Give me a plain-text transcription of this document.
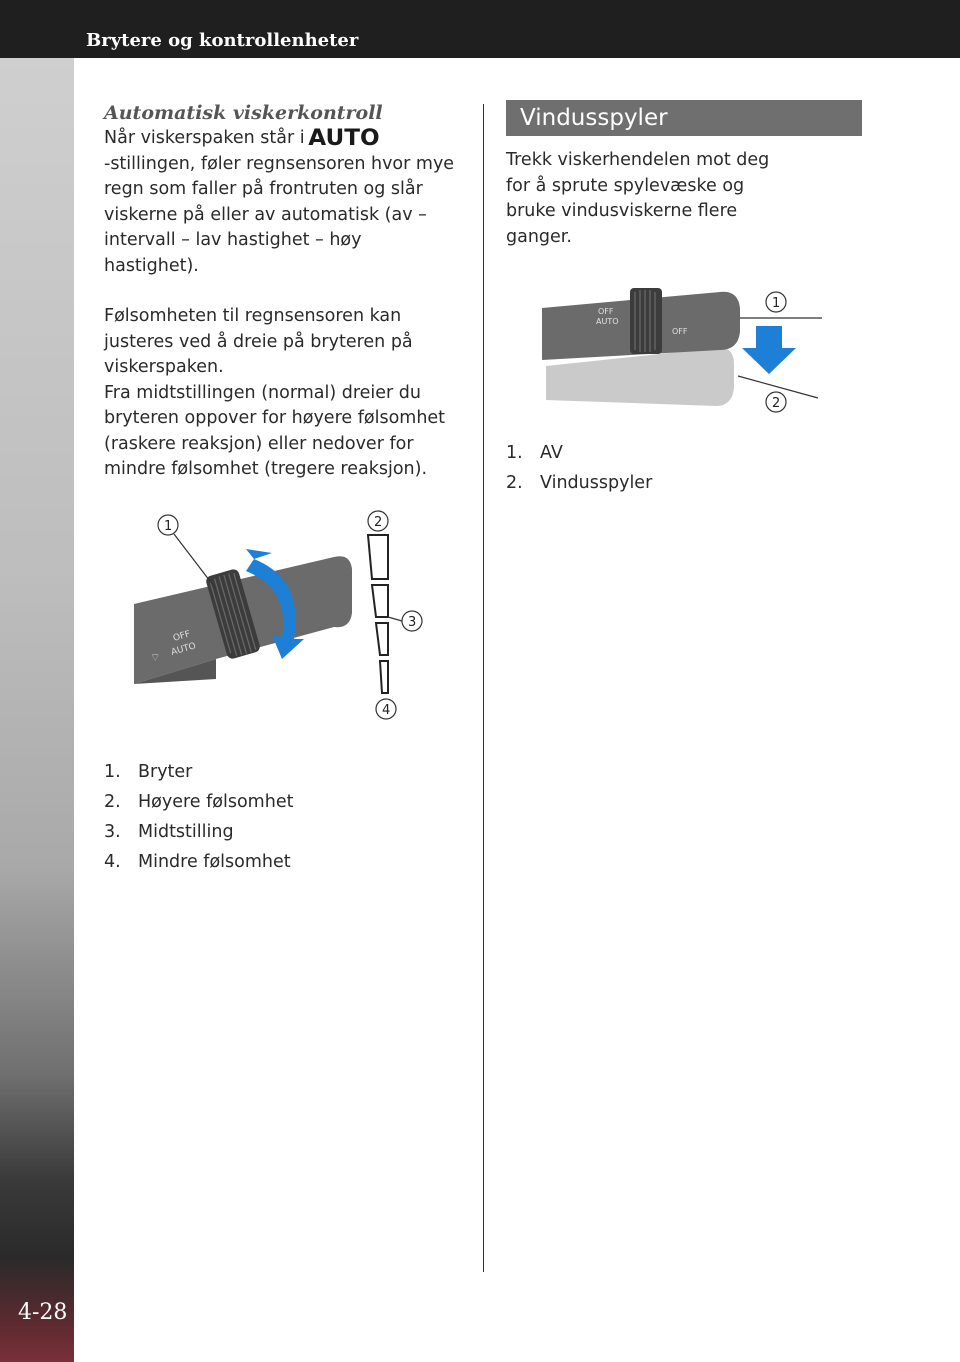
Brytere og kontrollenheter
4-28
Automatisk viskerkontroll

Når viskerspaken står i AUTO
-stillingen, føler regnsensoren hvor mye regn som faller på frontruten og slår viskerne på eller av automatisk (av – intervall – lav hastighet – høy hastighet).

Følsomheten til regnsensoren kan justeres ved å dreie på bryteren på viskerspaken.

Fra midtstillingen (normal) dreier du bryteren oppover for høyere følsomhet (raskere reaksjon) eller nedover for mindre følsomhet (tregere reaksjon).

OFF
AUTO
⌔
1	2
3
4
1. Bryter
2. Høyere følsomhet
3. Midtstilling
4. Mindre følsomhet
Vindusspyler

Trekk viskerhendelen mot deg for å sprute spylevæske og bruke vindusviskerne flere ganger.

OFF
AUTO
OFF
1
2
1. AV
2. Vindusspyler
